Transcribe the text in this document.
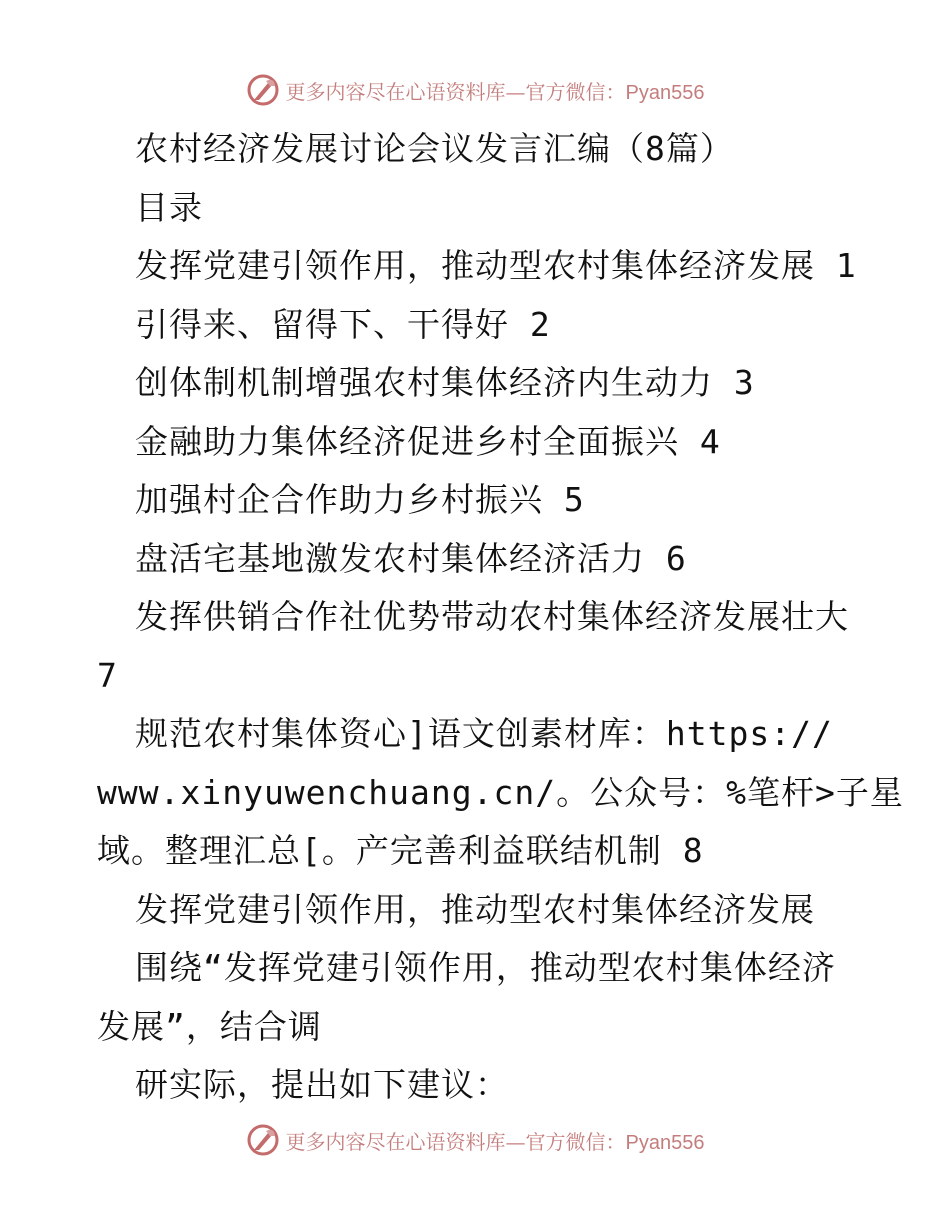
更多内容尽在心语资料库—官方微信：Pyan556
农村经济发展讨论会议发言汇编（8篇）
目录
发挥党建引领作用，推动型农村集体经济发展 1
引得来、留得下、干得好 2
创体制机制增强农村集体经济内生动力 3
金融助力集体经济促进乡村全面振兴 4
加强村企合作助力乡村振兴 5
盘活宅基地激发农村集体经济活力 6
发挥供销合作社优势带动农村集体经济发展壮大
7
规范农村集体资心]语文创素材库：https://
www.xinyuwenchuang.cn/。公众号：%笔杆>子星
域。整理汇总[。产完善利益联结机制 8
发挥党建引领作用，推动型农村集体经济发展
围绕“发挥党建引领作用，推动型农村集体经济
发展”，结合调
研实际，提出如下建议：
更多内容尽在心语资料库—官方微信：Pyan556
